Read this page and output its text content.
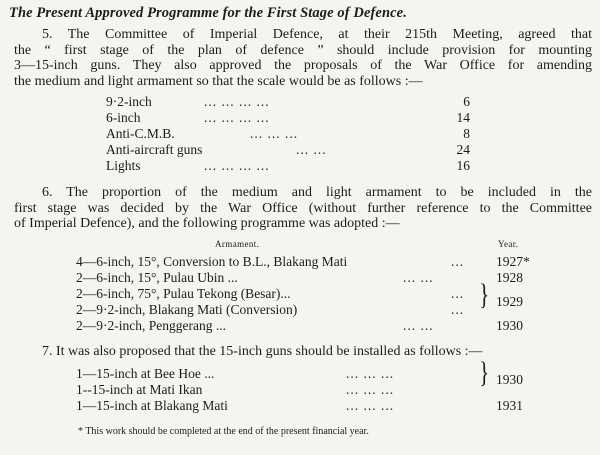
The Present Approved Programme for the First Stage of Defence.
5. The Committee of Imperial Defence, at their 215th Meeting, agreed that
the “ first stage of the plan of defence ” should include provision for mounting
3—15-inch guns. They also approved the proposals of the War Office for amending
the medium and light armament so that the scale would be as follows :—
9·2-inch	... ... ... ...	6
6-inch	... ... ... ...	14
Anti-C.M.B.	... ... ...	8
Anti-aircraft guns	... ...	24
Lights	... ... ... ...	16
6. The proportion of the medium and light armament to be included in the
first stage was decided by the War Office (without further reference to the Committee
of Imperial Defence), and the following programme was adopted :—
Armament.	Year.
4—6-inch, 15°, Conversion to B.L., Blakang Mati	... 1927*
2—6-inch, 15°, Pulau Ubin ...	... ...	1928
2—6-inch, 75°, Pulau Tekong (Besar)...	...
2—9·2-inch, Blakang Mati (Conversion)	... } 1929
2—9·2-inch, Penggerang ...	... ...	1930
7. It was also proposed that the 15-inch guns should be installed as follows :—
1—15-inch at Bee Hoe ...	... ... ...
1--15-inch at Mati Ikan	... ... ...
} 1930
1—15-inch at Blakang Mati	... ... ...	1931
* This work should be completed at the end of the present financial year.
